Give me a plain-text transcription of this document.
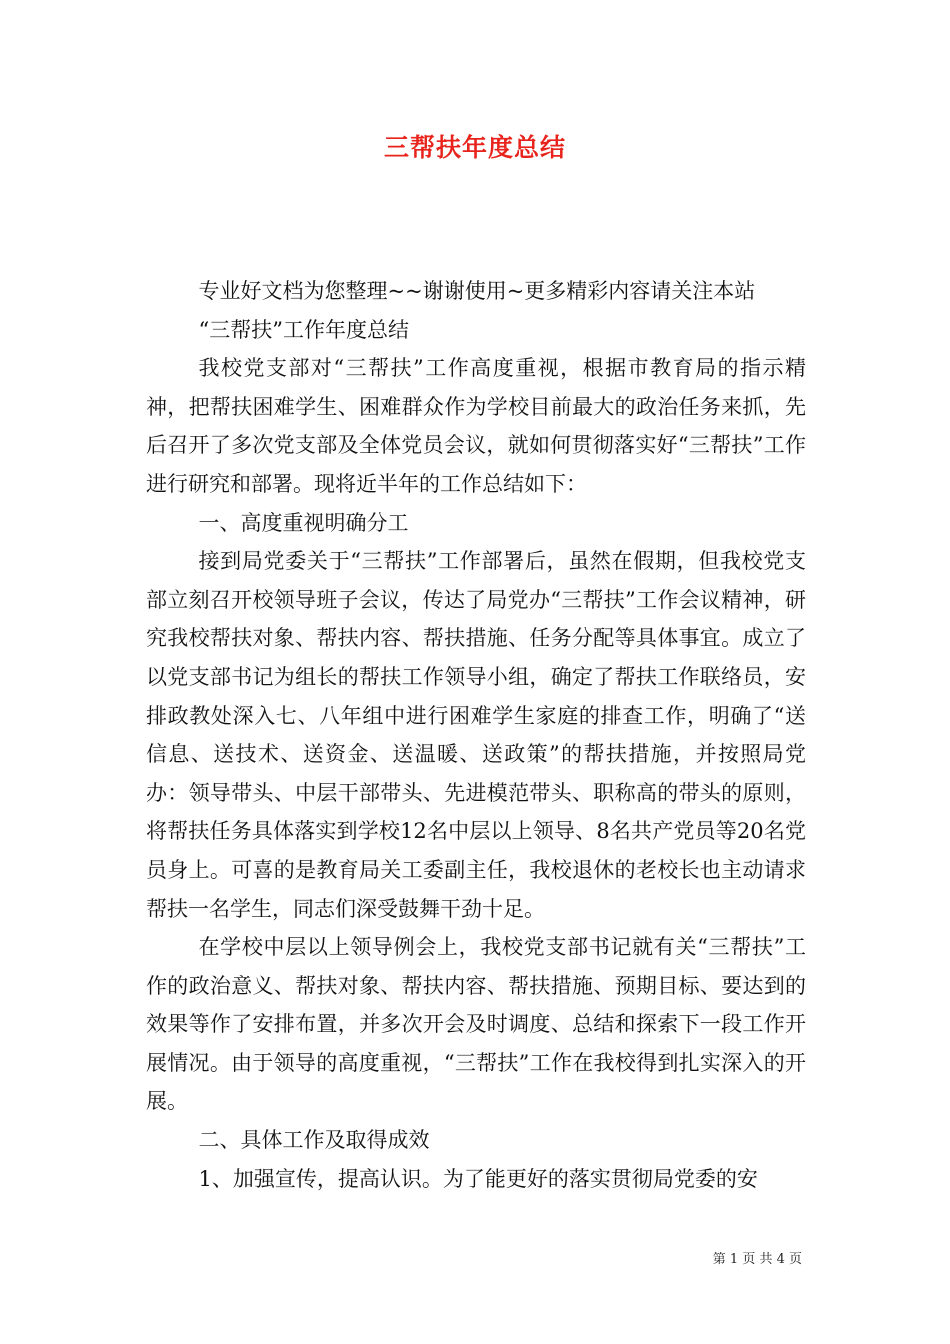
三帮扶年度总结

专业好文档为您整理~~谢谢使用~更多精彩内容请关注本站

“三帮扶”工作年度总结

我校党支部对“三帮扶”工作高度重视，根据市教育局的指示精神，把帮扶困难学生、困难群众作为学校目前最大的政治任务来抓，先后召开了多次党支部及全体党员会议，就如何贯彻落实好“三帮扶”工作进行研究和部署。现将近半年的工作总结如下：

一、高度重视明确分工

接到局党委关于“三帮扶”工作部署后，虽然在假期，但我校党支部立刻召开校领导班子会议，传达了局党办“三帮扶”工作会议精神，研究我校帮扶对象、帮扶内容、帮扶措施、任务分配等具体事宜。成立了以党支部书记为组长的帮扶工作领导小组，确定了帮扶工作联络员，安排政教处深入七、八年组中进行困难学生家庭的排查工作，明确了“送信息、送技术、送资金、送温暖、送政策”的帮扶措施，并按照局党办：领导带头、中层干部带头、先进模范带头、职称高的带头的原则，将帮扶任务具体落实到学校12名中层以上领导、8名共产党员等20名党员身上。可喜的是教育局关工委副主任，我校退休的老校长也主动请求帮扶一名学生，同志们深受鼓舞干劲十足。

在学校中层以上领导例会上，我校党支部书记就有关“三帮扶”工作的政治意义、帮扶对象、帮扶内容、帮扶措施、预期目标、要达到的效果等作了安排布置，并多次开会及时调度、总结和探索下一段工作开展情况。由于领导的高度重视，“三帮扶”工作在我校得到扎实深入的开展。

二、具体工作及取得成效

1、加强宣传，提高认识。为了能更好的落实贯彻局党委的安

第 1 页 共 4 页
